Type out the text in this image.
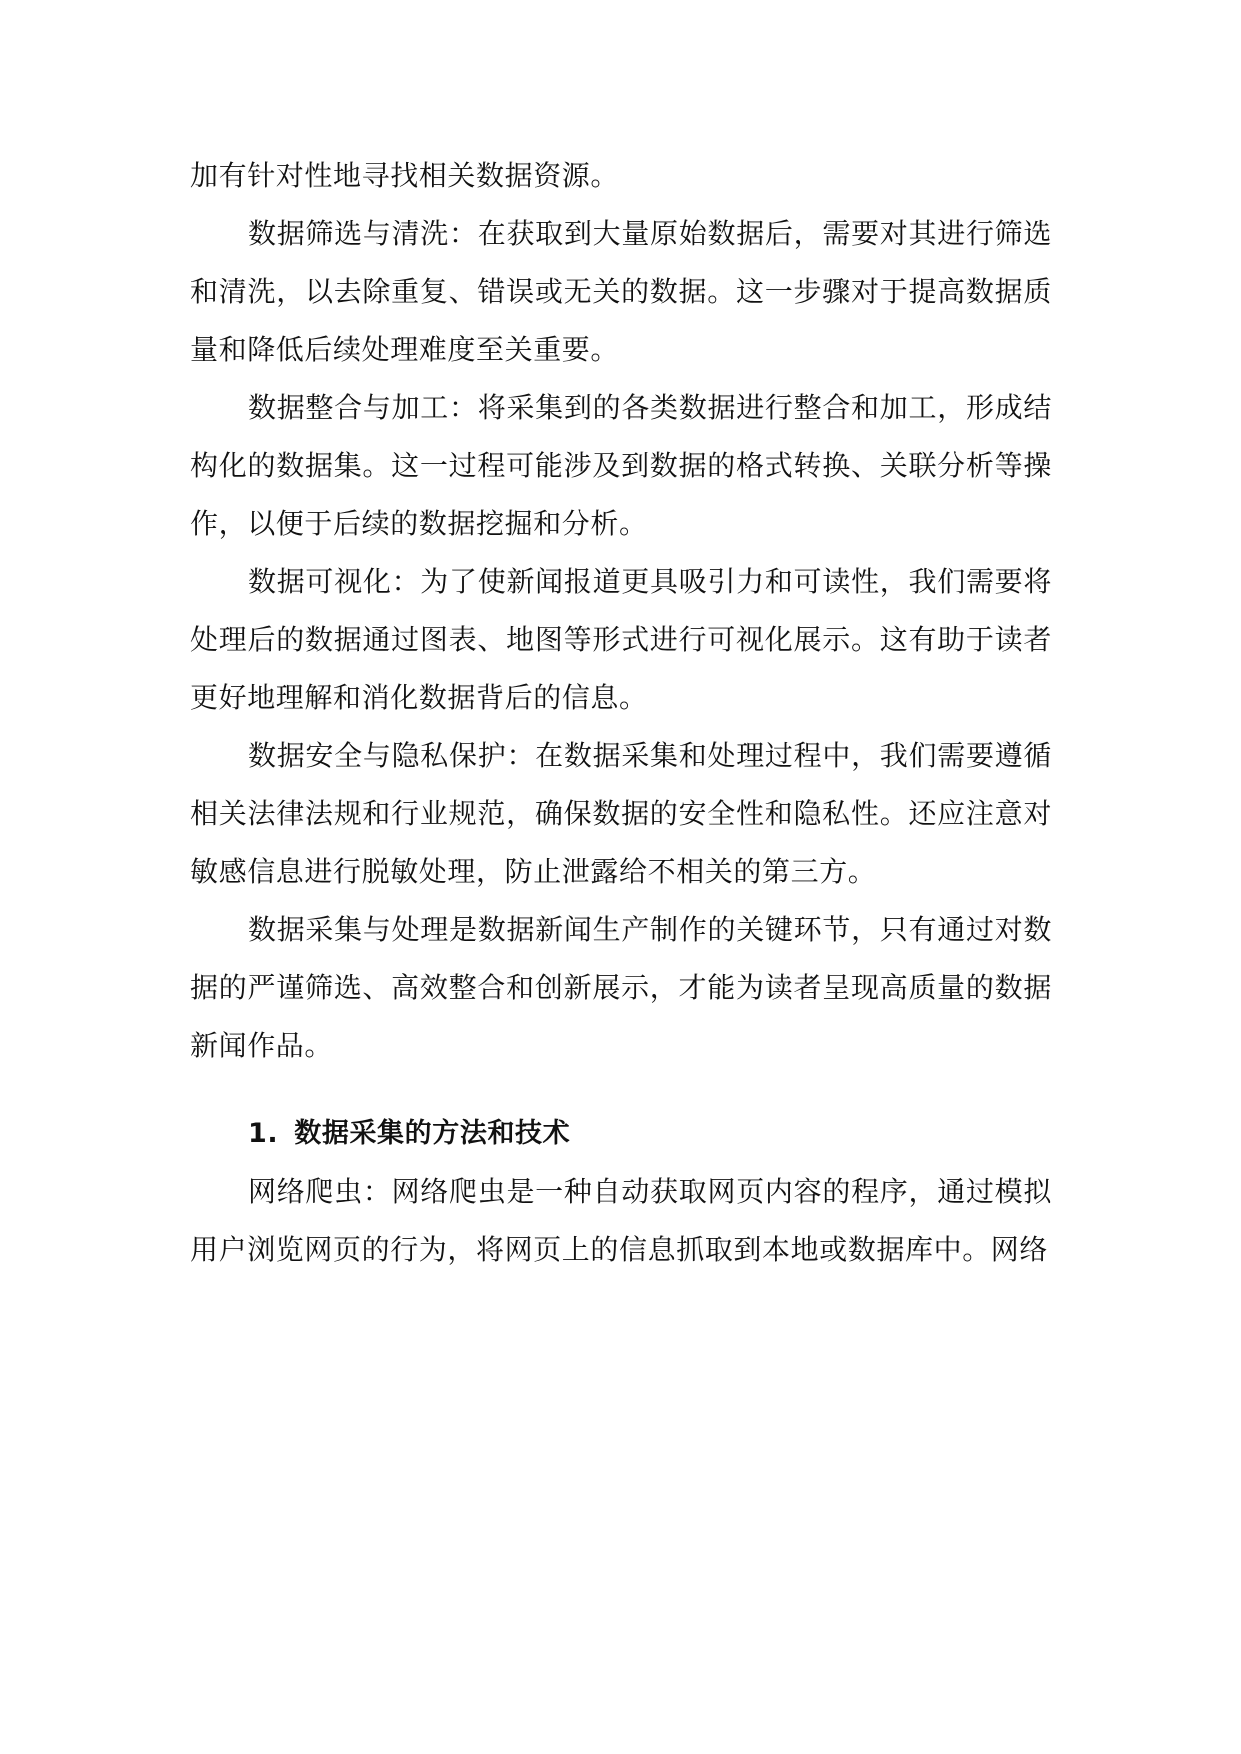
加有针对性地寻找相关数据资源。

数据筛选与清洗：在获取到大量原始数据后，需要对其进行筛选和清洗，以去除重复、错误或无关的数据。这一步骤对于提高数据质量和降低后续处理难度至关重要。

数据整合与加工：将采集到的各类数据进行整合和加工，形成结构化的数据集。这一过程可能涉及到数据的格式转换、关联分析等操作，以便于后续的数据挖掘和分析。

数据可视化：为了使新闻报道更具吸引力和可读性，我们需要将处理后的数据通过图表、地图等形式进行可视化展示。这有助于读者更好地理解和消化数据背后的信息。

数据安全与隐私保护：在数据采集和处理过程中，我们需要遵循相关法律法规和行业规范，确保数据的安全性和隐私性。还应注意对敏感信息进行脱敏处理，防止泄露给不相关的第三方。

数据采集与处理是数据新闻生产制作的关键环节，只有通过对数据的严谨筛选、高效整合和创新展示，才能为读者呈现高质量的数据新闻作品。

1. 数据采集的方法和技术

网络爬虫：网络爬虫是一种自动获取网页内容的程序，通过模拟用户浏览网页的行为，将网页上的信息抓取到本地或数据库中。网络
